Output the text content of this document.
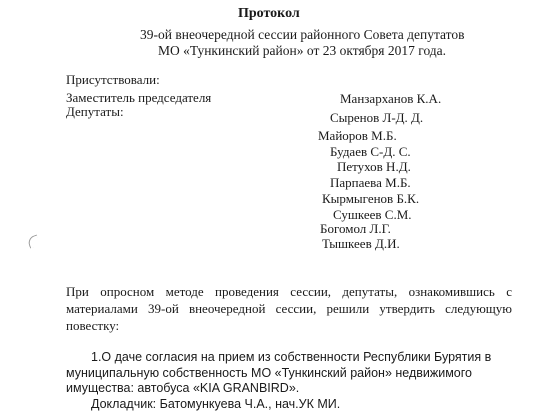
Протокол
39-ой внеочередной сессии районного Совета депутатов
МО «Тункинский район» от 23 октября 2017 года.
Присутствовали:
Заместитель председателя
Депутаты:
Манзарханов К.А.
Сыренов Л-Д. Д.
Майоров М.Б.
Будаев С-Д. С.
Петухов Н.Д.
Парпаева М.Б.
Кырмыгенов Б.К.
Сушкеев С.М.
Богомол Л.Г.
Тышкеев Д.И.
При опросном методе проведения сессии, депутаты, ознакомившись с
материалами 39-ой внеочередной сессии, решили утвердить следующую
повестку:
1.О даче согласия на прием из собственности Республики Бурятия в
муниципальную собственность МО «Тункинский район» недвижимого
имущества: автобуса «KIA GRANBIRD».
Докладчик: Батомункуева Ч.А., нач.УК МИ.
